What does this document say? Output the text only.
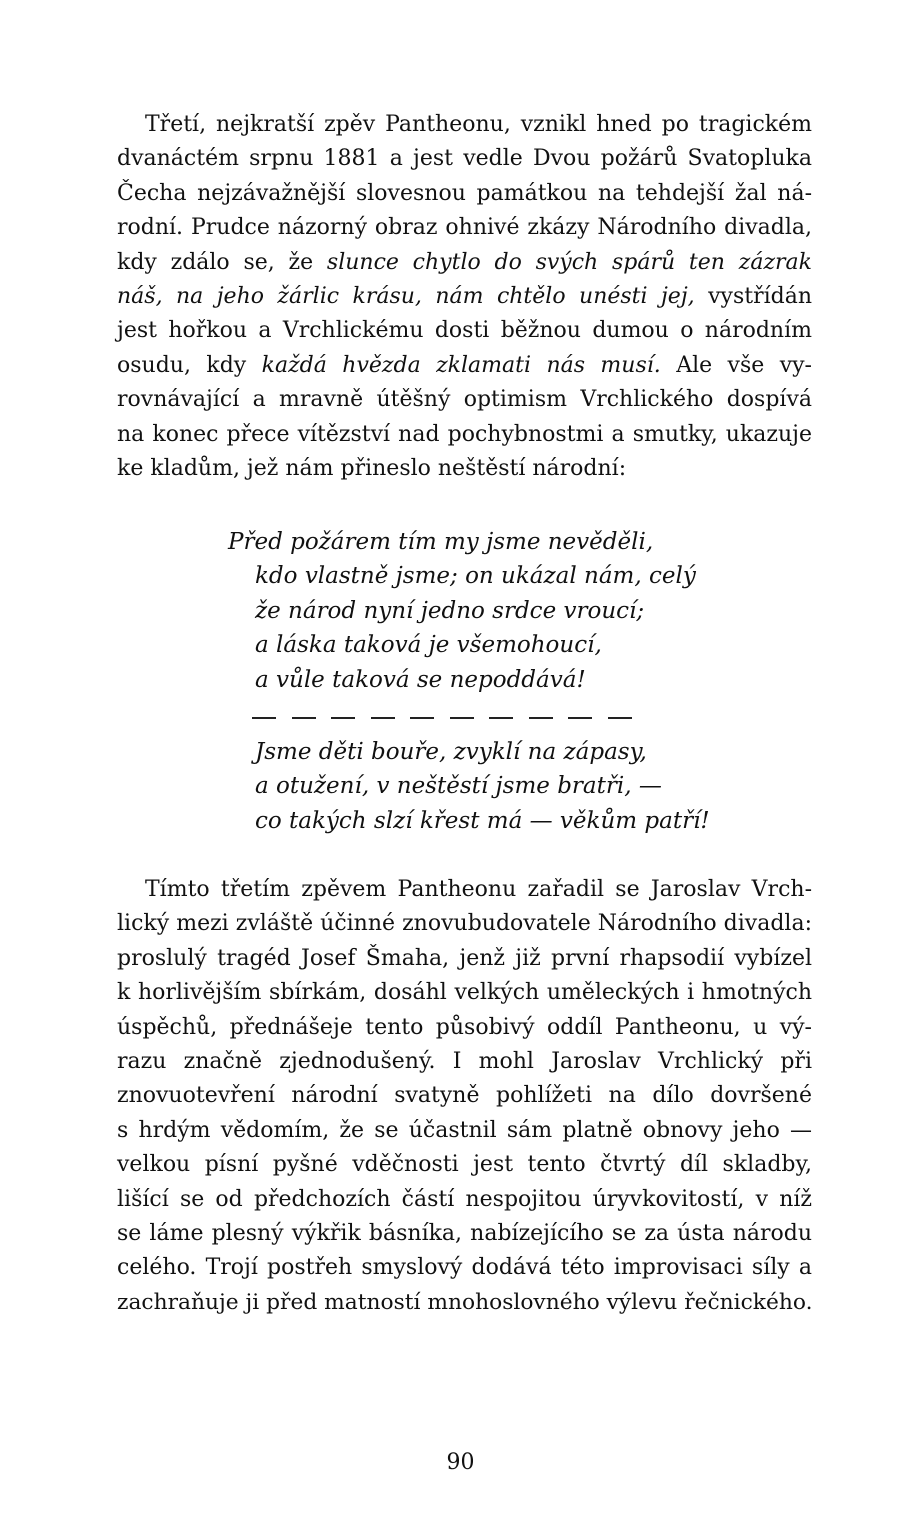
Třetí, nejkratší zpěv Pantheonu, vznikl hned po tragickém
dvanáctém srpnu 1881 a jest vedle Dvou požárů Svatopluka
Čecha nejzávažnější slovesnou památkou na tehdejší žal ná-
rodní. Prudce názorný obraz ohnivé zkázy Národního divadla,
kdy zdálo se, že slunce chytlo do svých spárů ten zázrak
náš, na jeho žárlic krásu, nám chtělo unésti jej, vystřídán
jest hořkou a Vrchlickému dosti běžnou dumou o národním
osudu, kdy každá hvězda zklamati nás musí. Ale vše vy-
rovnávající a mravně útěšný optimism Vrchlického dospívá
na konec přece vítězství nad pochybnostmi a smutky, ukazuje
ke kladům, jež nám přineslo neštěstí národní:
Před požárem tím my jsme nevěděli,
kdo vlastně jsme; on ukázal nám, celý
že národ nyní jedno srdce vroucí;
a láska taková je všemohoucí,
a vůle taková se nepoddává!
Jsme děti bouře, zvyklí na zápasy,
a otužení, v neštěstí jsme bratři, —
co takých slzí křest má — věkům patří!
Tímto třetím zpěvem Pantheonu zařadil se Jaroslav Vrch-
lický mezi zvláště účinné znovubudovatele Národního divadla:
proslulý tragéd Josef Šmaha, jenž již první rhapsodií vybízel
k horlivějším sbírkám, dosáhl velkých uměleckých i hmotných
úspěchů, přednášeje tento působivý oddíl Pantheonu, u vý-
razu značně zjednodušený. I mohl Jaroslav Vrchlický při
znovuotevření národní svatyně pohlížeti na dílo dovršené
s hrdým vědomím, že se účastnil sám platně obnovy jeho —
velkou písní pyšné vděčnosti jest tento čtvrtý díl skladby,
lišící se od předchozích částí nespojitou úryvkovitostí, v níž
se láme plesný výkřik básníka, nabízejícího se za ústa národu
celého. Trojí postřeh smyslový dodává této improvisaci síly a
zachraňuje ji před matností mnohoslovného výlevu řečnického.
90
